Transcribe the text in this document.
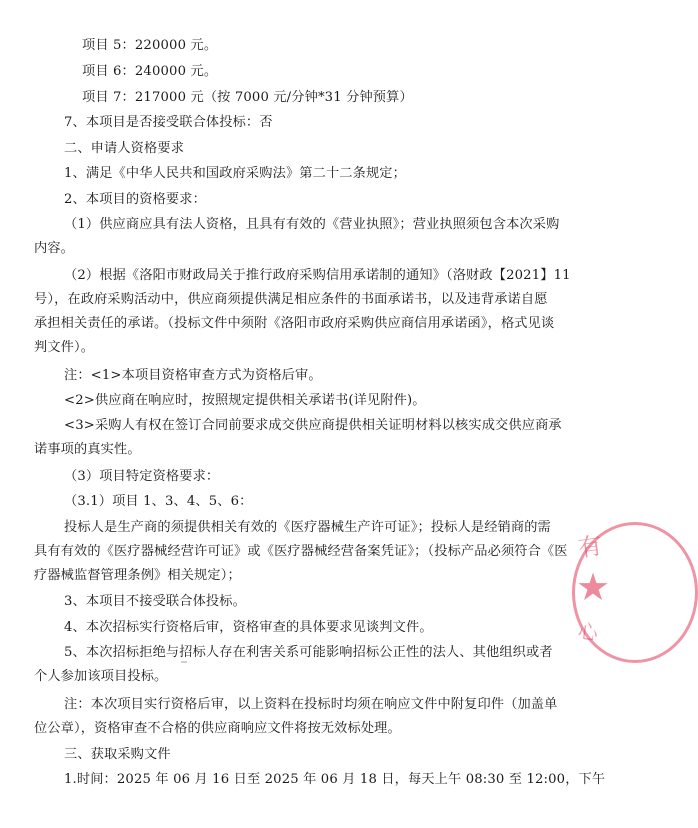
项目 5：220000 元。

项目 6：240000 元。

项目 7：217000 元（按 7000 元/分钟*31 分钟预算）

7、本项目是否接受联合体投标：否

二、申请人资格要求

1、满足《中华人民共和国政府采购法》第二十二条规定；

2、本项目的资格要求：

（1）供应商应具有法人资格，且具有有效的《营业执照》；营业执照须包含本次采购

内容。

（2）根据《洛阳市财政局关于推行政府采购信用承诺制的通知》（洛财政【2021】11

号），在政府采购活动中，供应商须提供满足相应条件的书面承诺书，以及违背承诺自愿

承担相关责任的承诺。（投标文件中须附《洛阳市政府采购供应商信用承诺函》，格式见谈

判文件）。

注：<1>本项目资格审查方式为资格后审。

<2>供应商在响应时，按照规定提供相关承诺书(详见附件)。

<3>采购人有权在签订合同前要求成交供应商提供相关证明材料以核实成交供应商承

诺事项的真实性。

（3）项目特定资格要求：

（3.1）项目 1、3、4、5、6：

投标人是生产商的须提供相关有效的《医疗器械生产许可证》；投标人是经销商的需

具有有效的《医疗器械经营许可证》或《医疗器械经营备案凭证》；（投标产品必须符合《医

疗器械监督管理条例》相关规定）；

3、本项目不接受联合体投标。

4、本次招标实行资格后审，资格审查的具体要求见谈判文件。

5、本次招标拒绝与招标人存在利害关系可能影响招标公正性的法人、其他组织或者

个人参加该项目投标。

注：本次项目实行资格后审，以上资料在投标时均须在响应文件中附复印件（加盖单

位公章），资格审查不合格的供应商响应文件将按无效标处理。

三、获取采购文件

1.时间：2025 年 06 月 16 日至 2025 年 06 月 18 日，每天上午 08:30 至 12:00，下午

有
★
心
